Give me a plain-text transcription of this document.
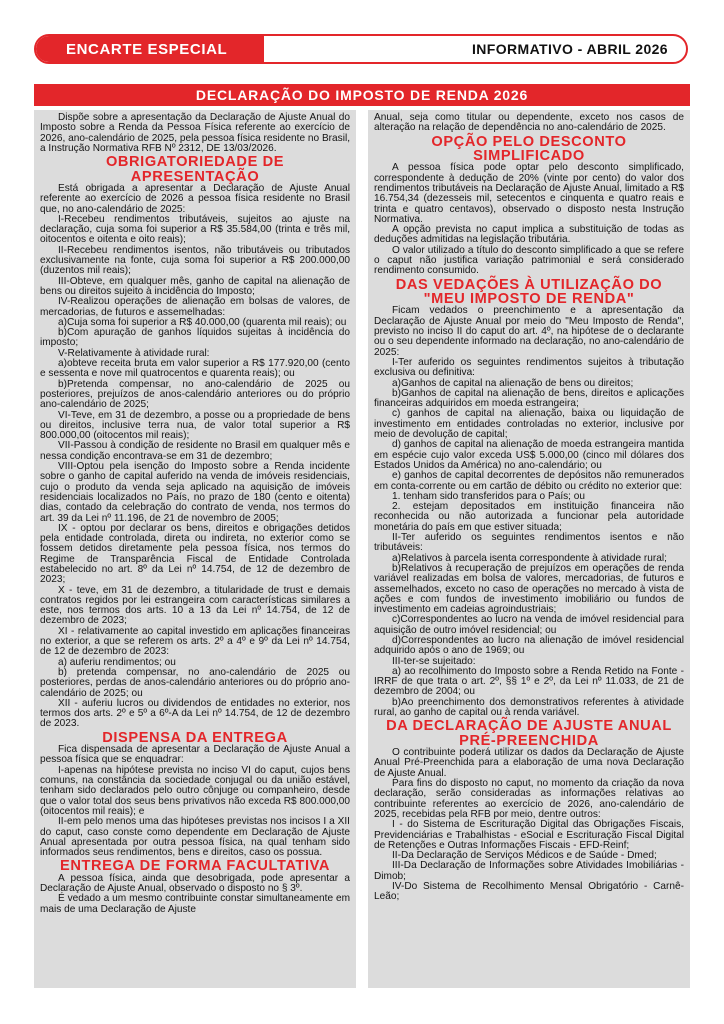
ENCARTE ESPECIAL	INFORMATIVO - ABRIL 2026
DECLARAÇÃO DO IMPOSTO DE RENDA 2026

Dispõe sobre a apresentação da Declaração de Ajuste Anual do Imposto sobre a Renda da Pessoa Física referente ao exercício de 2026, ano-calendário de 2025, pela pessoa física residente no Brasil, a Instrução Normativa RFB Nº 2312, DE 13/03/2026.

OBRIGATORIEDADE DE APRESENTAÇÃO

Está obrigada a apresentar a Declaração de Ajuste Anual referente ao exercício de 2026 a pessoa física residente no Brasil que, no ano-calendário de 2025:

I-Recebeu rendimentos tributáveis, sujeitos ao ajuste na declaração, cuja soma foi superior a R$ 35.584,00 (trinta e três mil, oitocentos e oitenta e oito reais);

II-Recebeu rendimentos isentos, não tributáveis ou tributados exclusivamente na fonte, cuja soma foi superior a R$ 200.000,00 (duzentos mil reais);

III-Obteve, em qualquer mês, ganho de capital na alienação de bens ou direitos sujeito à incidência do Imposto;

IV-Realizou operações de alienação em bolsas de valores, de mercadorias, de futuros e assemelhadas:

a)Cuja soma foi superior a R$ 40.000,00 (quarenta mil reais); ou

b)Com apuração de ganhos líquidos sujeitas à incidência do imposto;

V-Relativamente à atividade rural:

a)obteve receita bruta em valor superior a R$ 177.920,00 (cento e sessenta e nove mil quatrocentos e quarenta reais); ou

b)Pretenda compensar, no ano-calendário de 2025 ou posteriores, prejuízos de anos-calendário anteriores ou do próprio ano-calendário de 2025;

VI-Teve, em 31 de dezembro, a posse ou a propriedade de bens ou direitos, inclusive terra nua, de valor total superior a R$ 800.000,00 (oitocentos mil reais);

VII-Passou à condição de residente no Brasil em qualquer mês e nessa condição encontrava-se em 31 de dezembro;

VIII-Optou pela isenção do Imposto sobre a Renda incidente sobre o ganho de capital auferido na venda de imóveis residenciais, cujo o produto da venda seja aplicado na aquisição de imóveis residenciais localizados no País, no prazo de 180 (cento e oitenta) dias, contado da celebração do contrato de venda, nos termos do art. 39 da Lei nº 11.196, de 21 de novembro de 2005;

IX - optou por declarar os bens, direitos e obrigações detidos pela entidade controlada, direta ou indireta, no exterior como se fossem detidos diretamente pela pessoa física, nos termos do Regime de Transparência Fiscal de Entidade Controlada estabelecido no art. 8º da Lei nº 14.754, de 12 de dezembro de 2023;

X - teve, em 31 de dezembro, a titularidade de trust e demais contratos regidos por lei estrangeira com características similares a este, nos termos dos arts. 10 a 13 da Lei nº 14.754, de 12 de dezembro de 2023;

XI - relativamente ao capital investido em aplicações financeiras no exterior, a que se referem os arts. 2º a 4º e 9º da Lei nº 14.754, de 12 de dezembro de 2023:

a) auferiu rendimentos; ou

b) pretenda compensar, no ano-calendário de 2025 ou posteriores, perdas de anos-calendário anteriores ou do próprio ano-calendário de 2025; ou

XII - auferiu lucros ou dividendos de entidades no exterior, nos termos dos arts. 2º e 5º a 6º-A da Lei nº 14.754, de 12 de dezembro de 2023.

DISPENSA DA ENTREGA

Fica dispensada de apresentar a Declaração de Ajuste Anual a pessoa física que se enquadrar:

I-apenas na hipótese prevista no inciso VI do caput, cujos bens comuns, na constância da sociedade conjugal ou da união estável, tenham sido declarados pelo outro cônjuge ou companheiro, desde que o valor total dos seus bens privativos não exceda R$ 800.000,00 (oitocentos mil reais); e

II-em pelo menos uma das hipóteses previstas nos incisos I a XII do caput, caso conste como dependente em Declaração de Ajuste Anual apresentada por outra pessoa física, na qual tenham sido informados seus rendimentos, bens e direitos, caso os possua.

ENTREGA DE FORMA FACULTATIVA

A pessoa física, ainda que desobrigada, pode apresentar a Declaração de Ajuste Anual, observado o disposto no § 3º.

É vedado a um mesmo contribuinte constar simultaneamente em mais de uma Declaração de Ajuste

Anual, seja como titular ou dependente, exceto nos casos de alteração na relação de dependência no ano-calendário de 2025.

OPÇÃO PELO DESCONTO SIMPLIFICADO

A pessoa física pode optar pelo desconto simplificado, correspondente à dedução de 20% (vinte por cento) do valor dos rendimentos tributáveis na Declaração de Ajuste Anual, limitado a R$ 16.754,34 (dezesseis mil, setecentos e cinquenta e quatro reais e trinta e quatro centavos), observado o disposto nesta Instrução Normativa.

A opção prevista no caput implica a substituição de todas as deduções admitidas na legislação tributária.

O valor utilizado a título do desconto simplificado a que se refere o caput não justifica variação patrimonial e será considerado rendimento consumido.

DAS VEDAÇÕES À UTILIZAÇÃO DO "MEU IMPOSTO DE RENDA"

Ficam vedados o preenchimento e a apresentação da Declaração de Ajuste Anual por meio do "Meu Imposto de Renda", previsto no inciso II do caput do art. 4º, na hipótese de o declarante ou o seu dependente informado na declaração, no ano-calendário de 2025:

I-Ter auferido os seguintes rendimentos sujeitos à tributação exclusiva ou definitiva:

a)Ganhos de capital na alienação de bens ou direitos;

b)Ganhos de capital na alienação de bens, direitos e aplicações financeiras adquiridos em moeda estrangeira;

c) ganhos de capital na alienação, baixa ou liquidação de investimento em entidades controladas no exterior, inclusive por meio de devolução de capital;

d) ganhos de capital na alienação de moeda estrangeira mantida em espécie cujo valor exceda US$ 5.000,00 (cinco mil dólares dos Estados Unidos da América) no ano-calendário; ou

e) ganhos de capital decorrentes de depósitos não remunerados em conta-corrente ou em cartão de débito ou crédito no exterior que:

1. tenham sido transferidos para o País; ou

2. estejam depositados em instituição financeira não reconhecida ou não autorizada a funcionar pela autoridade monetária do país em que estiver situada;

II-Ter auferido os seguintes rendimentos isentos e não tributáveis:

a)Relativos à parcela isenta correspondente à atividade rural;

b)Relativos à recuperação de prejuízos em operações de renda variável realizadas em bolsa de valores, mercadorias, de futuros e assemelhados, exceto no caso de operações no mercado à vista de ações e com fundos de investimento imobiliário ou fundos de investimento em cadeias agroindustriais;

c)Correspondentes ao lucro na venda de imóvel residencial para aquisição de outro imóvel residencial; ou

d)Correspondentes ao lucro na alienação de imóvel residencial adquirido após o ano de 1969; ou

III-ter-se sujeitado:

a) ao recolhimento do Imposto sobre a Renda Retido na Fonte - IRRF de que trata o art. 2º, §§ 1º e 2º, da Lei nº 11.033, de 21 de dezembro de 2004; ou

b)Ao preenchimento dos demonstrativos referentes à atividade rural, ao ganho de capital ou à renda variável.

DA DECLARAÇÃO DE AJUSTE ANUAL PRÉ-PREENCHIDA

O contribuinte poderá utilizar os dados da Declaração de Ajuste Anual Pré-Preenchida para a elaboração de uma nova Declaração de Ajuste Anual.

Para fins do disposto no caput, no momento da criação da nova declaração, serão consideradas as informações relativas ao contribuinte referentes ao exercício de 2026, ano-calendário de 2025, recebidas pela RFB por meio, dentre outros:

I - do Sistema de Escrituração Digital das Obrigações Fiscais, Previdenciárias e Trabalhistas - eSocial e Escrituração Fiscal Digital de Retenções e Outras Informações Fiscais - EFD-Reinf;

II-Da Declaração de Serviços Médicos e de Saúde - Dmed;

III-Da Declaração de Informações sobre Atividades Imobiliárias - Dimob;

IV-Do Sistema de Recolhimento Mensal Obrigatório - Carnê-Leão;
